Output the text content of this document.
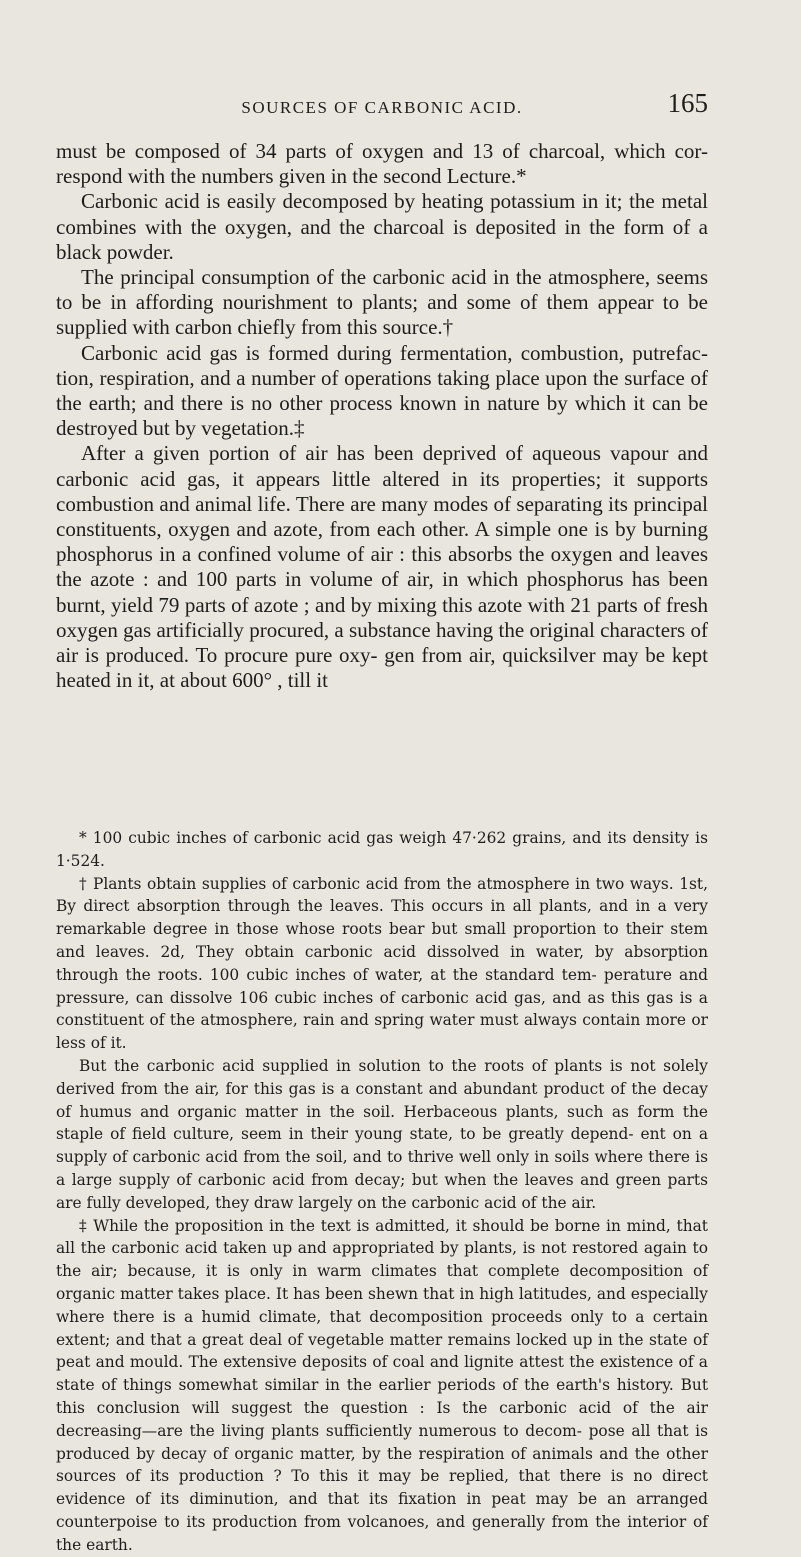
SOURCES OF CARBONIC ACID.	165

must be composed of 34 parts of oxygen and 13 of charcoal, which cor- respond with the numbers given in the second Lecture.*

Carbonic acid is easily decomposed by heating potassium in it; the metal combines with the oxygen, and the charcoal is deposited in the form of a black powder.

The principal consumption of the carbonic acid in the atmosphere, seems to be in affording nourishment to plants; and some of them appear to be supplied with carbon chiefly from this source.†

Carbonic acid gas is formed during fermentation, combustion, putrefac- tion, respiration, and a number of operations taking place upon the surface of the earth; and there is no other process known in nature by which it can be destroyed but by vegetation.‡

After a given portion of air has been deprived of aqueous vapour and carbonic acid gas, it appears little altered in its properties; it supports combustion and animal life. There are many modes of separating its principal constituents, oxygen and azote, from each other. A simple one is by burning phosphorus in a confined volume of air : this absorbs the oxygen and leaves the azote : and 100 parts in volume of air, in which phosphorus has been burnt, yield 79 parts of azote ; and by mixing this azote with 21 parts of fresh oxygen gas artificially procured, a substance having the original characters of air is produced. To procure pure oxy- gen from air, quicksilver may be kept heated in it, at about 600° , till it

* 100 cubic inches of carbonic acid gas weigh 47·262 grains, and its density is 1·524.

† Plants obtain supplies of carbonic acid from the atmosphere in two ways. 1st, By direct absorption through the leaves. This occurs in all plants, and in a very remarkable degree in those whose roots bear but small proportion to their stem and leaves. 2d, They obtain carbonic acid dissolved in water, by absorption through the roots. 100 cubic inches of water, at the standard tem- perature and pressure, can dissolve 106 cubic inches of carbonic acid gas, and as this gas is a constituent of the atmosphere, rain and spring water must always contain more or less of it.

But the carbonic acid supplied in solution to the roots of plants is not solely derived from the air, for this gas is a constant and abundant product of the decay of humus and organic matter in the soil. Herbaceous plants, such as form the staple of field culture, seem in their young state, to be greatly depend- ent on a supply of carbonic acid from the soil, and to thrive well only in soils where there is a large supply of carbonic acid from decay; but when the leaves and green parts are fully developed, they draw largely on the carbonic acid of the air.

‡ While the proposition in the text is admitted, it should be borne in mind, that all the carbonic acid taken up and appropriated by plants, is not restored again to the air; because, it is only in warm climates that complete decomposition of organic matter takes place. It has been shewn that in high latitudes, and especially where there is a humid climate, that decomposition proceeds only to a certain extent; and that a great deal of vegetable matter remains locked up in the state of peat and mould. The extensive deposits of coal and lignite attest the existence of a state of things somewhat similar in the earlier periods of the earth's history. But this conclusion will suggest the question : Is the carbonic acid of the air decreasing—are the living plants sufficiently numerous to decom- pose all that is produced by decay of organic matter, by the respiration of animals and the other sources of its production ? To this it may be replied, that there is no direct evidence of its diminution, and that its fixation in peat may be an arranged counterpoise to its production from volcanoes, and generally from the interior of the earth.
